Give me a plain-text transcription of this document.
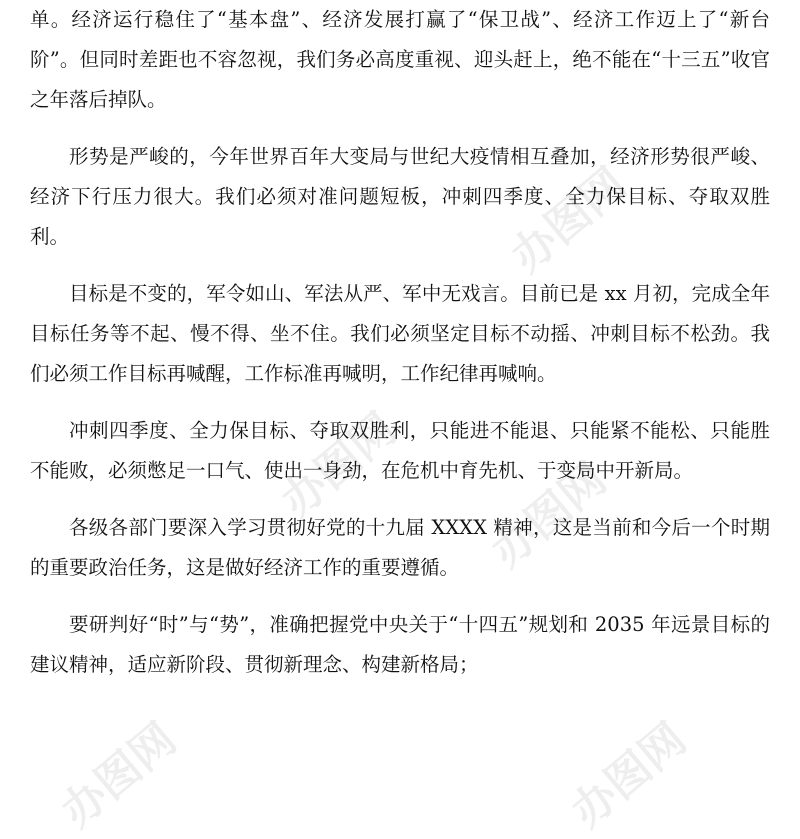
办图网
办图网 办图网
办图网	办图网

单。经济运行稳住了“基本盘”、经济发展打赢了“保卫战”、经济工作迈上了“新台阶”。但同时差距也不容忽视，我们务必高度重视、迎头赶上，绝不能在“十三五”收官之年落后掉队。

形势是严峻的，今年世界百年大变局与世纪大疫情相互叠加，经济形势很严峻、经济下行压力很大。我们必须对准问题短板，冲刺四季度、全力保目标、夺取双胜利。

目标是不变的，军令如山、军法从严、军中无戏言。目前已是 xx 月初，完成全年目标任务等不起、慢不得、坐不住。我们必须坚定目标不动摇、冲刺目标不松劲。我们必须工作目标再喊醒，工作标准再喊明，工作纪律再喊响。

冲刺四季度、全力保目标、夺取双胜利，只能进不能退、只能紧不能松、只能胜不能败，必须憋足一口气、使出一身劲，在危机中育先机、于变局中开新局。

各级各部门要深入学习贯彻好党的十九届 XXXX 精神，这是当前和今后一个时期的重要政治任务，这是做好经济工作的重要遵循。

要研判好“时”与“势”，准确把握党中央关于“十四五”规划和 2035 年远景目标的建议精神，适应新阶段、贯彻新理念、构建新格局；
